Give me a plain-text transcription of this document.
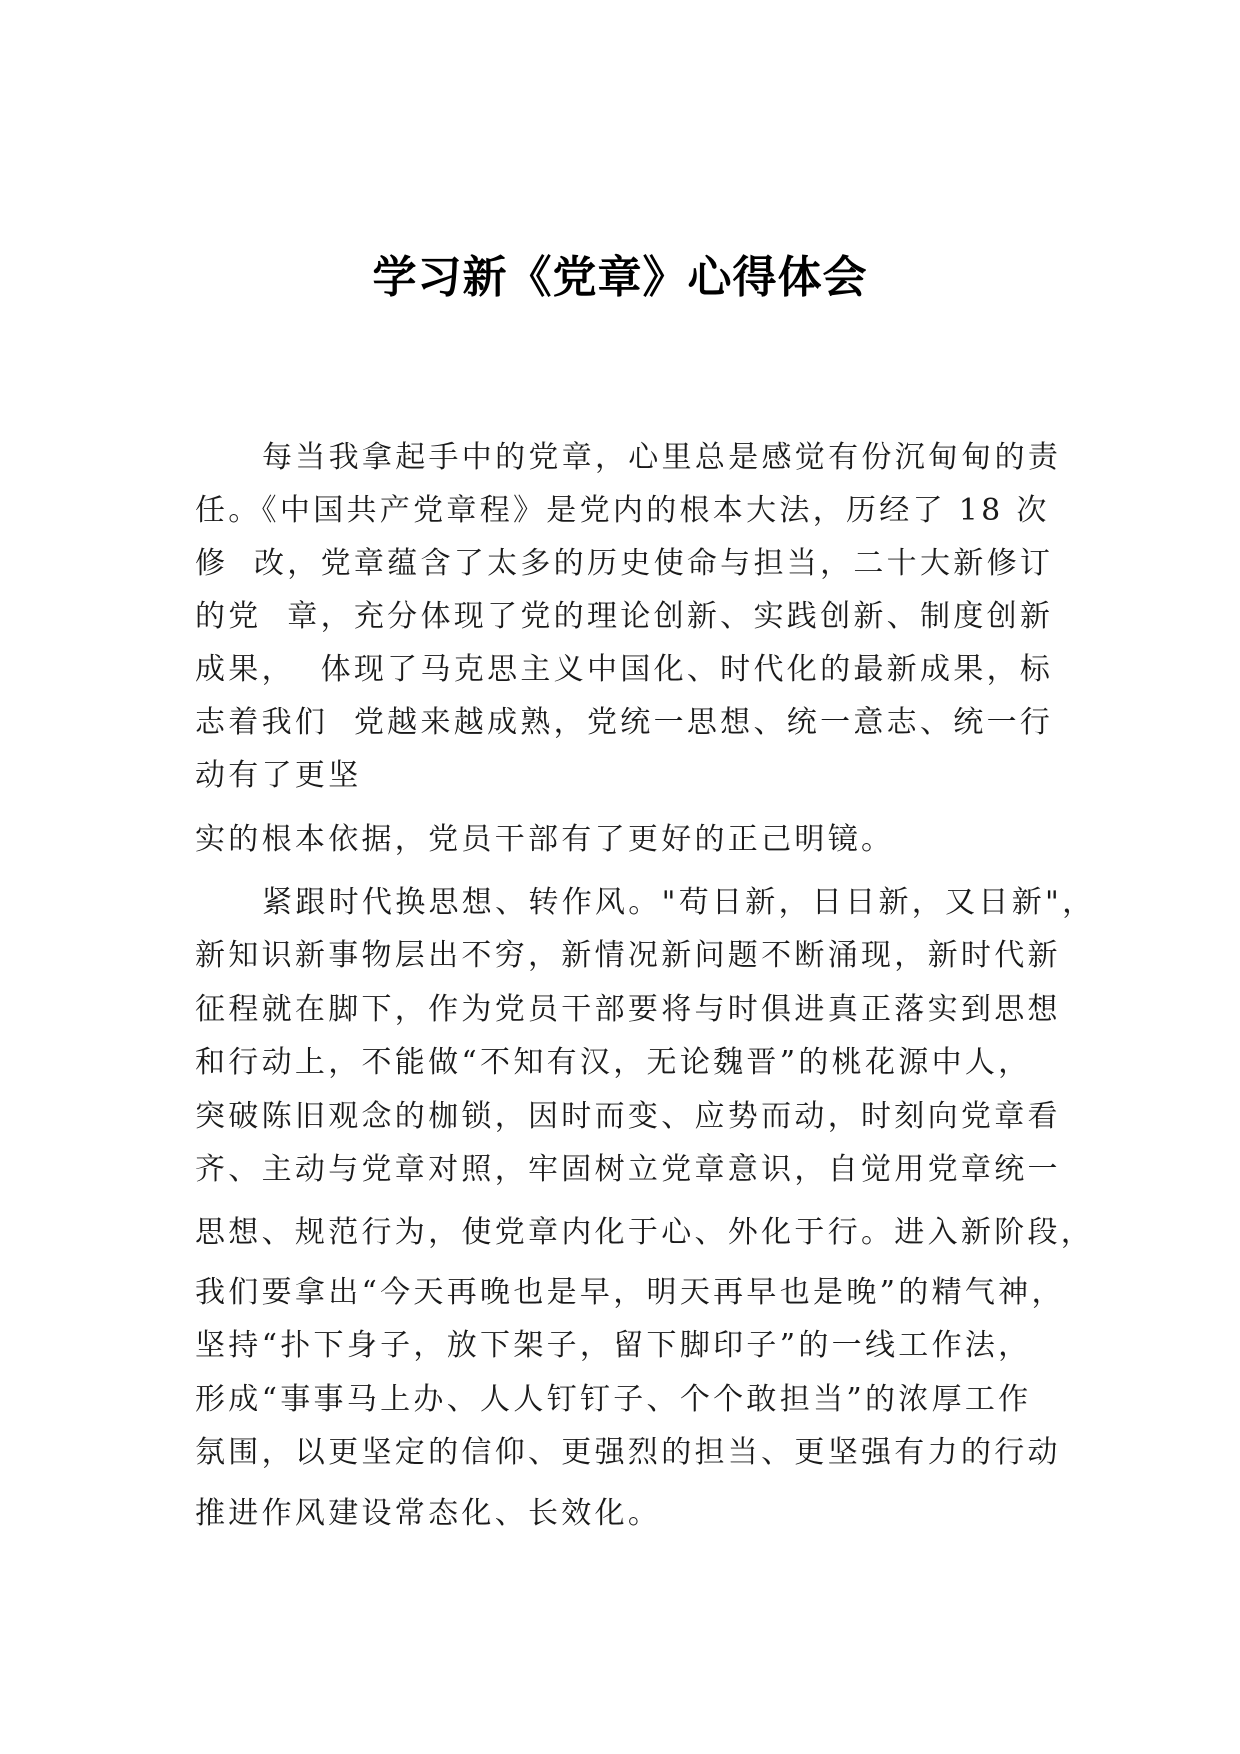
学习新《党章》心得体会
每当我拿起手中的党章，心里总是感觉有份沉甸甸的责
任。《中国共产党章程》是党内的根本大法，历经了 18 次
修  改，党章蕴含了太多的历史使命与担当，二十大新修订
的党  章，充分体现了党的理论创新、实践创新、制度创新
成果，  体现了马克思主义中国化、时代化的最新成果，标
志着我们  党越来越成熟，党统一思想、统一意志、统一行
动有了更坚
实的根本依据，党员干部有了更好的正己明镜。
紧跟时代换思想、转作风。"苟日新，日日新，又日新"，
新知识新事物层出不穷，新情况新问题不断涌现，新时代新
征程就在脚下，作为党员干部要将与时俱进真正落实到思想
和行动上，不能做“不知有汉，无论魏晋”的桃花源中人，
突破陈旧观念的枷锁，因时而变、应势而动，时刻向党章看
齐、主动与党章对照，牢固树立党章意识，自觉用党章统一
思想、规范行为，使党章内化于心、外化于行。进入新阶段，
我们要拿出“今天再晚也是早，明天再早也是晚”的精气神，
坚持“扑下身子，放下架子，留下脚印子”的一线工作法，
形成“事事马上办、人人钉钉子、个个敢担当”的浓厚工作
氛围，以更坚定的信仰、更强烈的担当、更坚强有力的行动
推进作风建设常态化、长效化。
